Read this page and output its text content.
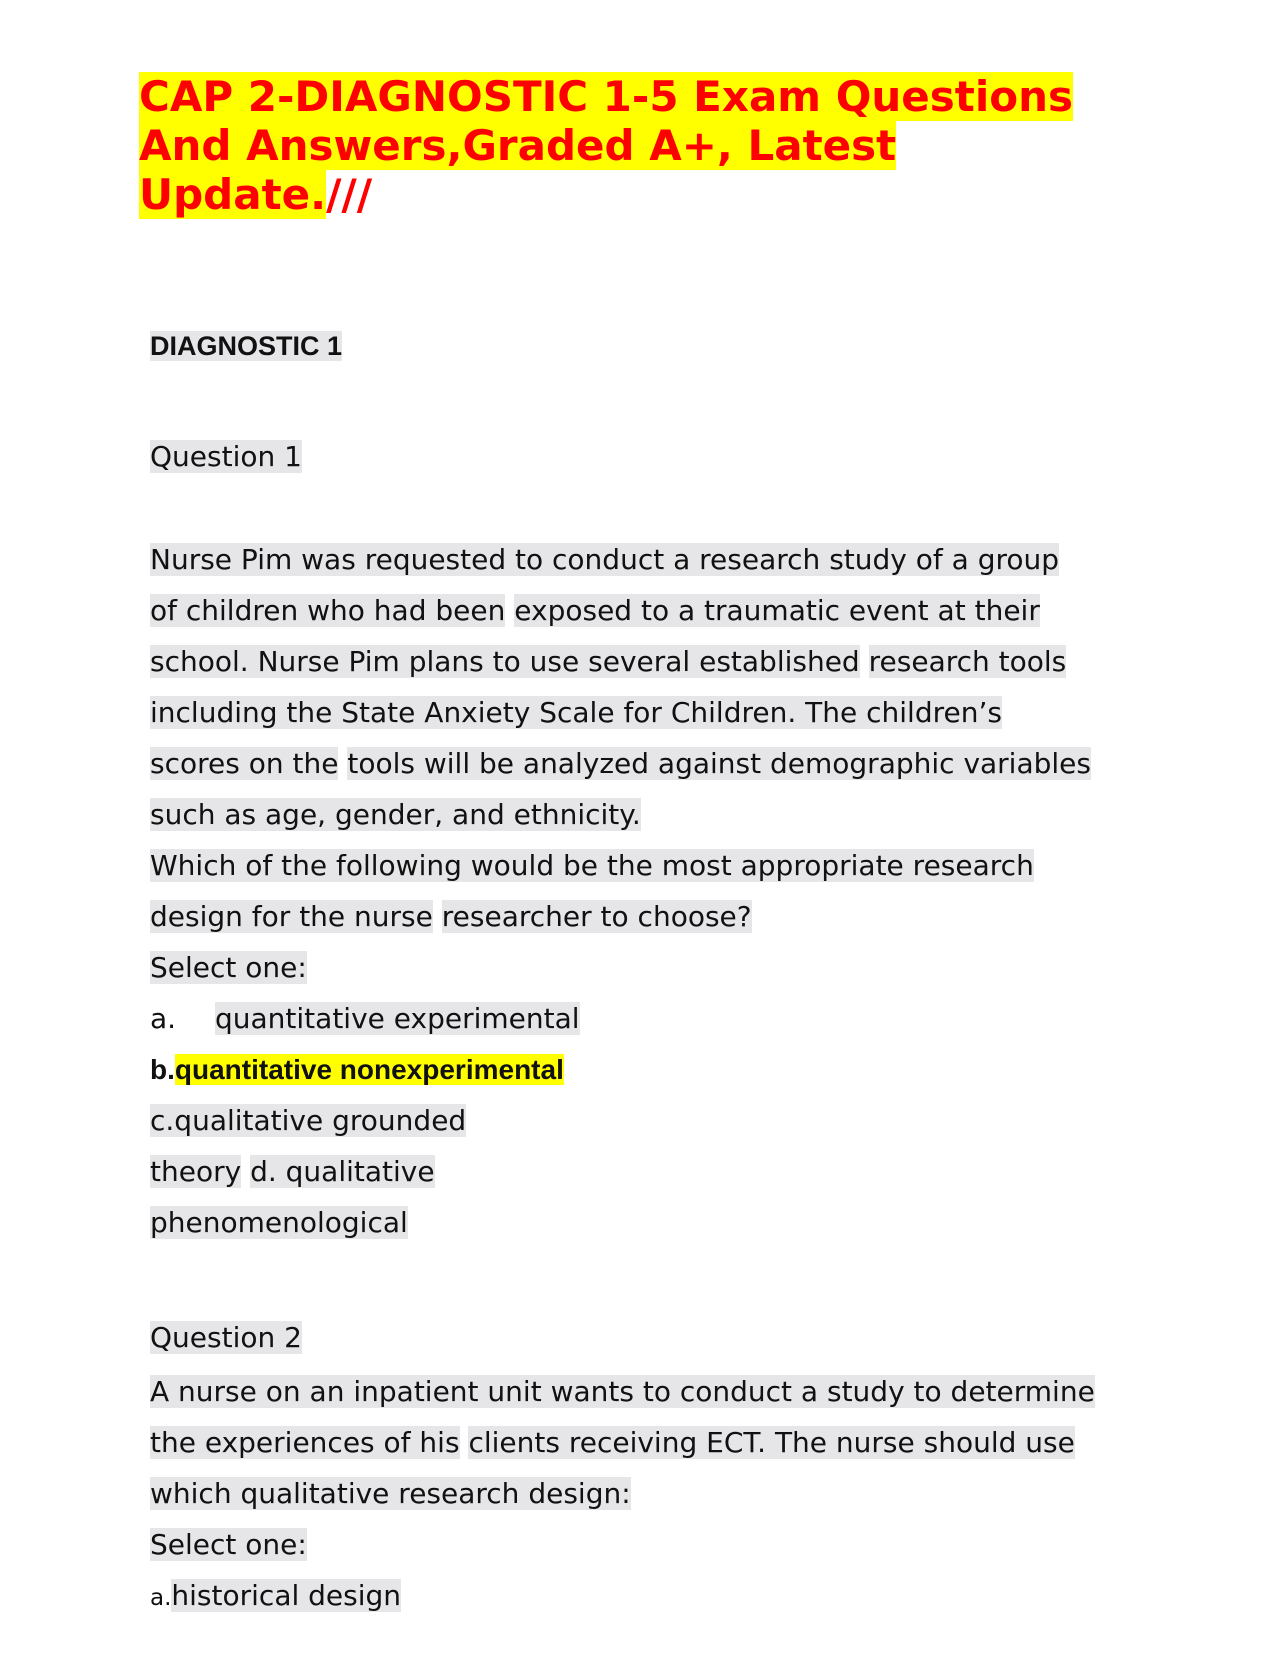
CAP 2-DIAGNOSTIC 1-5 Exam Questions And Answers,Graded A+, Latest Update.///

DIAGNOSTIC 1

Question 1

Nurse Pim was requested to conduct a research study of a group
of children who had been exposed to a traumatic event at their
school. Nurse Pim plans to use several established research tools
including the State Anxiety Scale for Children. The children’s
scores on the tools will be analyzed against demographic variables
such as age, gender, and ethnicity.
Which of the following would be the most appropriate research
design for the nurse researcher to choose?
Select one:
a. quantitative experimental
b.quantitative nonexperimental
c.qualitative grounded
theory d. qualitative
phenomenological

Question 2

A nurse on an inpatient unit wants to conduct a study to determine
the experiences of his clients receiving ECT. The nurse should use
which qualitative research design:
Select one:
a.historical design
